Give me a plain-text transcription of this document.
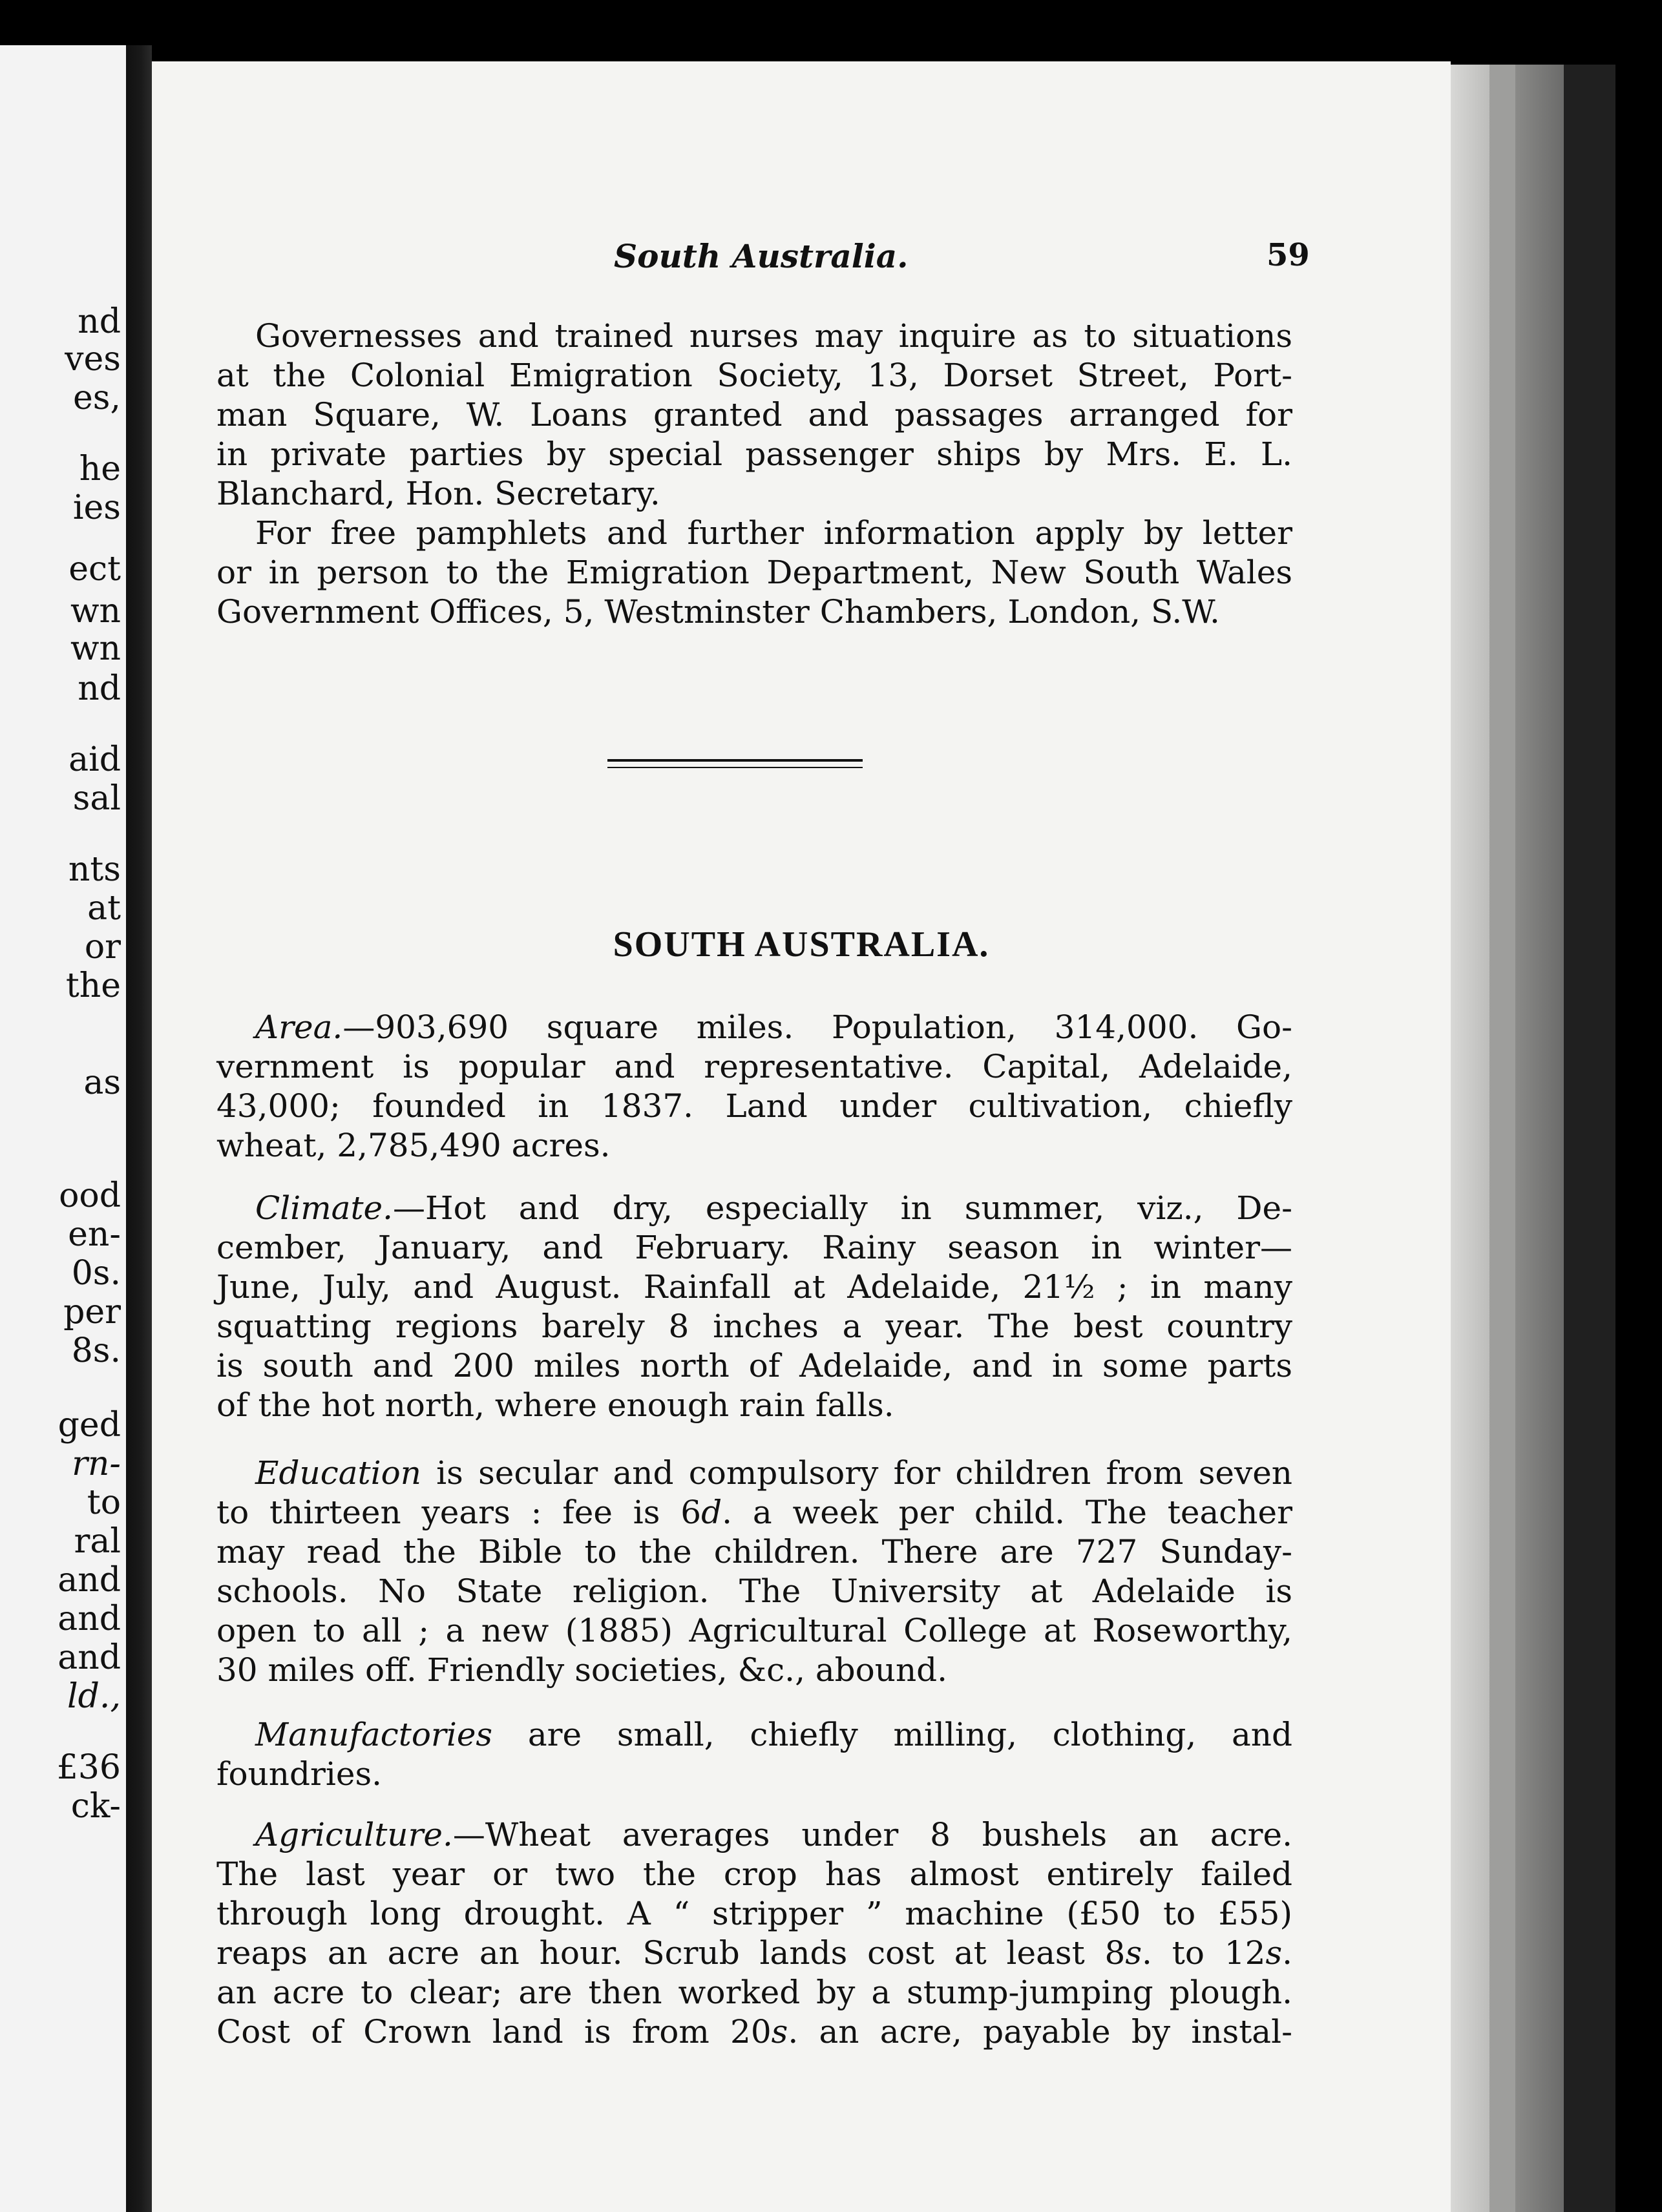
nd
ves
es,
he
ies
ect
wn
wn
nd
aid
sal
nts
at
or
the
as
ood
en-
0s.
per
8s.
ged
rn-
to
ral
and
and
and
ld.,
£36
ck-
South Australia.	59
Governesses and trained nurses may inquire as to situations
at the Colonial Emigration Society, 13, Dorset Street, Port-
man Square, W. Loans granted and passages arranged for
in private parties by special passenger ships by Mrs. E. L.
Blanchard, Hon. Secretary.
For free pamphlets and further information apply by letter
or in person to the Emigration Department, New South Wales
Government Offices, 5, Westminster Chambers, London, S.W.
SOUTH AUSTRALIA.
Area.—903,690 square miles. Population, 314,000. Go-
vernment is popular and representative. Capital, Adelaide,
43,000; founded in 1837. Land under cultivation, chiefly
wheat, 2,785,490 acres.
Climate.—Hot and dry, especially in summer, viz., De-
cember, January, and February. Rainy season in winter—
June, July, and August. Rainfall at Adelaide, 21½ ; in many
squatting regions barely 8 inches a year. The best country
is south and 200 miles north of Adelaide, and in some parts
of the hot north, where enough rain falls.
Education is secular and compulsory for children from seven
to thirteen years : fee is 6d. a week per child. The teacher
may read the Bible to the children. There are 727 Sunday-
schools. No State religion. The University at Adelaide is
open to all ; a new (1885) Agricultural College at Roseworthy,
30 miles off. Friendly societies, &c., abound.
Manufactories are small, chiefly milling, clothing, and
foundries.
Agriculture.—Wheat averages under 8 bushels an acre.
The last year or two the crop has almost entirely failed
through long drought. A “ stripper ” machine (£50 to £55)
reaps an acre an hour. Scrub lands cost at least 8s. to 12s.
an acre to clear; are then worked by a stump-jumping plough.
Cost of Crown land is from 20s. an acre, payable by instal-
